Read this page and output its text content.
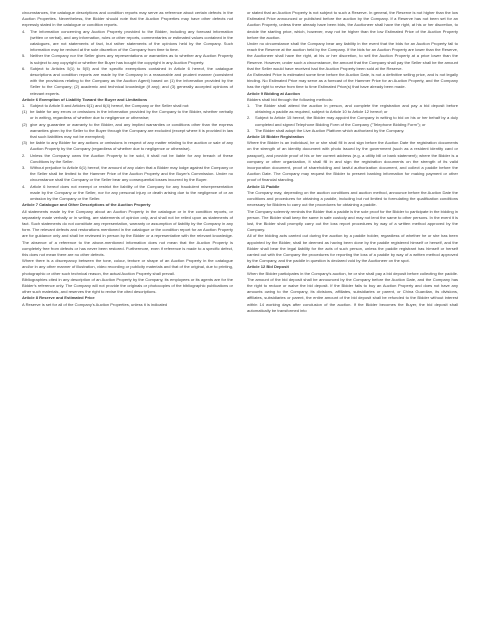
circumstances, the catalogue descriptions and condition reports may serve as reference about certain defects in the Auction Properties. Nevertheless, the Bidder should note that the Auction Properties may have other defects not expressly stated in the catalogue or condition reports.

4.	The information concerning any Auction Property provided to the Bidder, including any forecast information (written or verbal), and any information, rules or other reports, commentaries or estimated values contained in the catalogues, are not statements of fact, but rather statements of the opinions held by the Company. Such information may be revised at the sole discretion of the Company from time to time.
5.	Neither the Company nor the Seller gives any representations or warranties as to whether any Auction Property is subject to any copyright or whether the Buyer has bought the copyright in any Auction Property.
6.	Subject to Articles 5(1) to 5(5) and the specific exemptions contained in Article 6 hereof, the catalogue descriptions and condition reports are made by the Company in a reasonable and prudent manner (consistent with the provisions relating to the Company as the Auction Agent) based on (1) the information provided by the Seller to the Company; (2) academic and technical knowledge (if any); and (3) generally accepted opinions of relevant experts.

Article 6 Exemption of Liability Toward the Buyer and Limitations

1.	Subject to Article 5 and Articles 6(1) and 6(4) hereof, the Company or the Seller shall not:
(1) be liable for any errors or omissions in the information provided by the Company to the Bidder, whether verbally or in writing, regardless of whether due to negligence or otherwise;
(2) give any guarantee or warranty to the Bidder, and any implied warranties or conditions other than the express warranties given by the Seller to the Buyer through the Company are excluded (except where it is provided in law that such liabilities may not be exempted);
(3) be liable to any Bidder for any actions or omissions in respect of any matter relating to the auction or sale of any Auction Property by the Company (regardless of whether due to negligence or otherwise).
2.	Unless the Company owns the Auction Property to be sold, it shall not be liable for any breach of these Conditions by the Seller.
3.	Without prejudice to Article 6(1) hereof, the amount of any claim that a Bidder may lodge against the Company or the Seller shall be limited to the Hammer Price of the Auction Property and the Buyer's Commission. Under no circumstance shall the Company or the Seller bear any consequential losses incurred by the Buyer.
4.	Article 6 hereof does not exempt or restrict the liability of the Company for any fraudulent misrepresentation made by the Company or the Seller, nor for any personal injury or death arising due to the negligence of or an omission by the Company or the Seller.

Article 7 Catalogue and Other Descriptions of the Auction Property

All statements made by the Company about an Auction Property in the catalogue or in the condition reports, or separately made verbally or in writing, are statements of opinion only, and shall not be relied upon as statements of fact. Such statements do not constitute any representation, warranty or assumption of liability by the Company in any form. The relevant defects and restorations mentioned in the catalogue or the condition report for an Auction Property are for guidance only and shall be reviewed in person by the Bidder or a representative with the relevant knowledge. The absence of a reference to the above-mentioned information does not mean that the Auction Property is completely free from defects or has never been restored. Furthermore, even if reference is made to a specific defect, this does not mean there are no other defects.

Where there is a discrepancy between the tone, colour, texture or shape of an Auction Property in the catalogue and/or in any other manner of illustration, video recording or publicity materials and that of the original, due to printing, photographic or other such technical reason, the actual Auction Property shall prevail.

Bibliographies cited in any description of an Auction Property by the Company, its employees or its agents are for the Bidder's reference only. The Company will not provide the originals or photocopies of the bibliographic publications or other such materials, and reserves the right to revise the cited descriptions.

Article 8 Reserve and Estimated Price

A Reserve is set for all of the Company's Auction Properties, unless it is indicated

or stated that an Auction Property is not subject to such a Reserve. In general, the Reserve is not higher than the low Estimated Price announced or published before the auction by the Company. If a Reserve has not been set for an Auction Property, unless there already have been bids, the Auctioneer shall have the right, at his or her discretion, to decide the starting price, which, however, may not be higher than the low Estimated Price of the Auction Property before the auction.

Under no circumstance shall the Company bear any liability in the event that the bids for an Auction Property fail to reach the Reserve at the auction held by the Company. If the bids for an Auction Property are lower than the Reserve, the Auctioneer shall have the right, at his or her discretion, to sell the Auction Property at a price lower than the Reserve. However, under such a circumstance, the amount that the Company shall pay the Seller shall be the amount that the Seller would have received had the Auction Property been sold at the Reserve.

An Estimated Price is estimated some time before the Auction Date, is not a definitive selling price, and is not legally binding. No Estimated Price may serve as a forecast of the Hammer Price for an Auction Property, and the Company has the right to revise from time to time Estimated Price(s) that have already been made.

Article 9 Bidding at Auction

Bidders shall bid through the following methods:

1.	The Bidder shall attend the auction in person, and complete the registration and pay a bid deposit before obtaining a paddle as required, subject to Article 10 to Article 12 hereof; or
2.	Subject to Article 15 hereof, the Bidder may appoint the Company in writing to bid on his or her behalf by a duly completed and signed Telephone Bidding Form of the Company ("Telephone Bidding Form"); or
3.	The Bidder shall adopt the Live Auction Platform which authorized by the Company.

Article 10 Bidder Registration

Where the Bidder is an individual, he or she shall fill in and sign before the Auction Date the registration documents on the strength of an identity document with photo issued by the government (such as a resident identity card or passport), and provide proof of his or her current address (e.g. a utility bill or bank statement); where the Bidder is a company or other organization, it shall fill in and sign the registration documents on the strength of its valid incorporation document, proof of shareholding and lawful authorization document, and collect a paddle before the Auction Date. The Company may request the Bidder to present banking information for making payment or other proof of financial standing.

Article 11 Paddle

The Company may, depending on the auction conditions and auction method, announce before the Auction Date the conditions and procedures for obtaining a paddle, including but not limited to formulating the qualification conditions necessary for Bidders to carry out the procedures for obtaining a paddle.

The Company solemnly reminds the Bidder that a paddle is the sole proof for the Bidder to participate in the bidding in person. The Bidder shall keep the same in safe custody and may not lend the same to other persons. In the event it is lost, the Bidder shall promptly carry out the loss report procedures by way of a written method approved by the Company.

All of the bidding acts carried out during the auction by a paddle holder, regardless of whether he or she has been appointed by the Bidder, shall be deemed as having been done by the paddle registered himself or herself, and the Bidder shall bear the legal liability for the acts of such person, unless the paddle registrant has himself or herself carried out with the Company the procedures for reporting the loss of a paddle by way of a written method approved by the Company, and the paddle in question is declared void by the Auctioneer on the spot.

Article 12 Bid Deposit

When the Bidder participates in the Company's auction, he or she shall pay a bid deposit before collecting the paddle. The amount of the bid deposit shall be announced by the Company before the Auction Date, and the Company has the right to reduce or waive the bid deposit. If the Bidder fails to buy an Auction Property and does not have any amounts owing to the Company, its divisions, affiliates, subsidiaries or parent, or China Guardian, its divisions, affiliates, subsidiaries or parent, the entire amount of the bid deposit shall be refunded to the Bidder without interest within 14 working days after conclusion of the auction. If the Bidder becomes the Buyer, the bid deposit shall automatically be transformed into
